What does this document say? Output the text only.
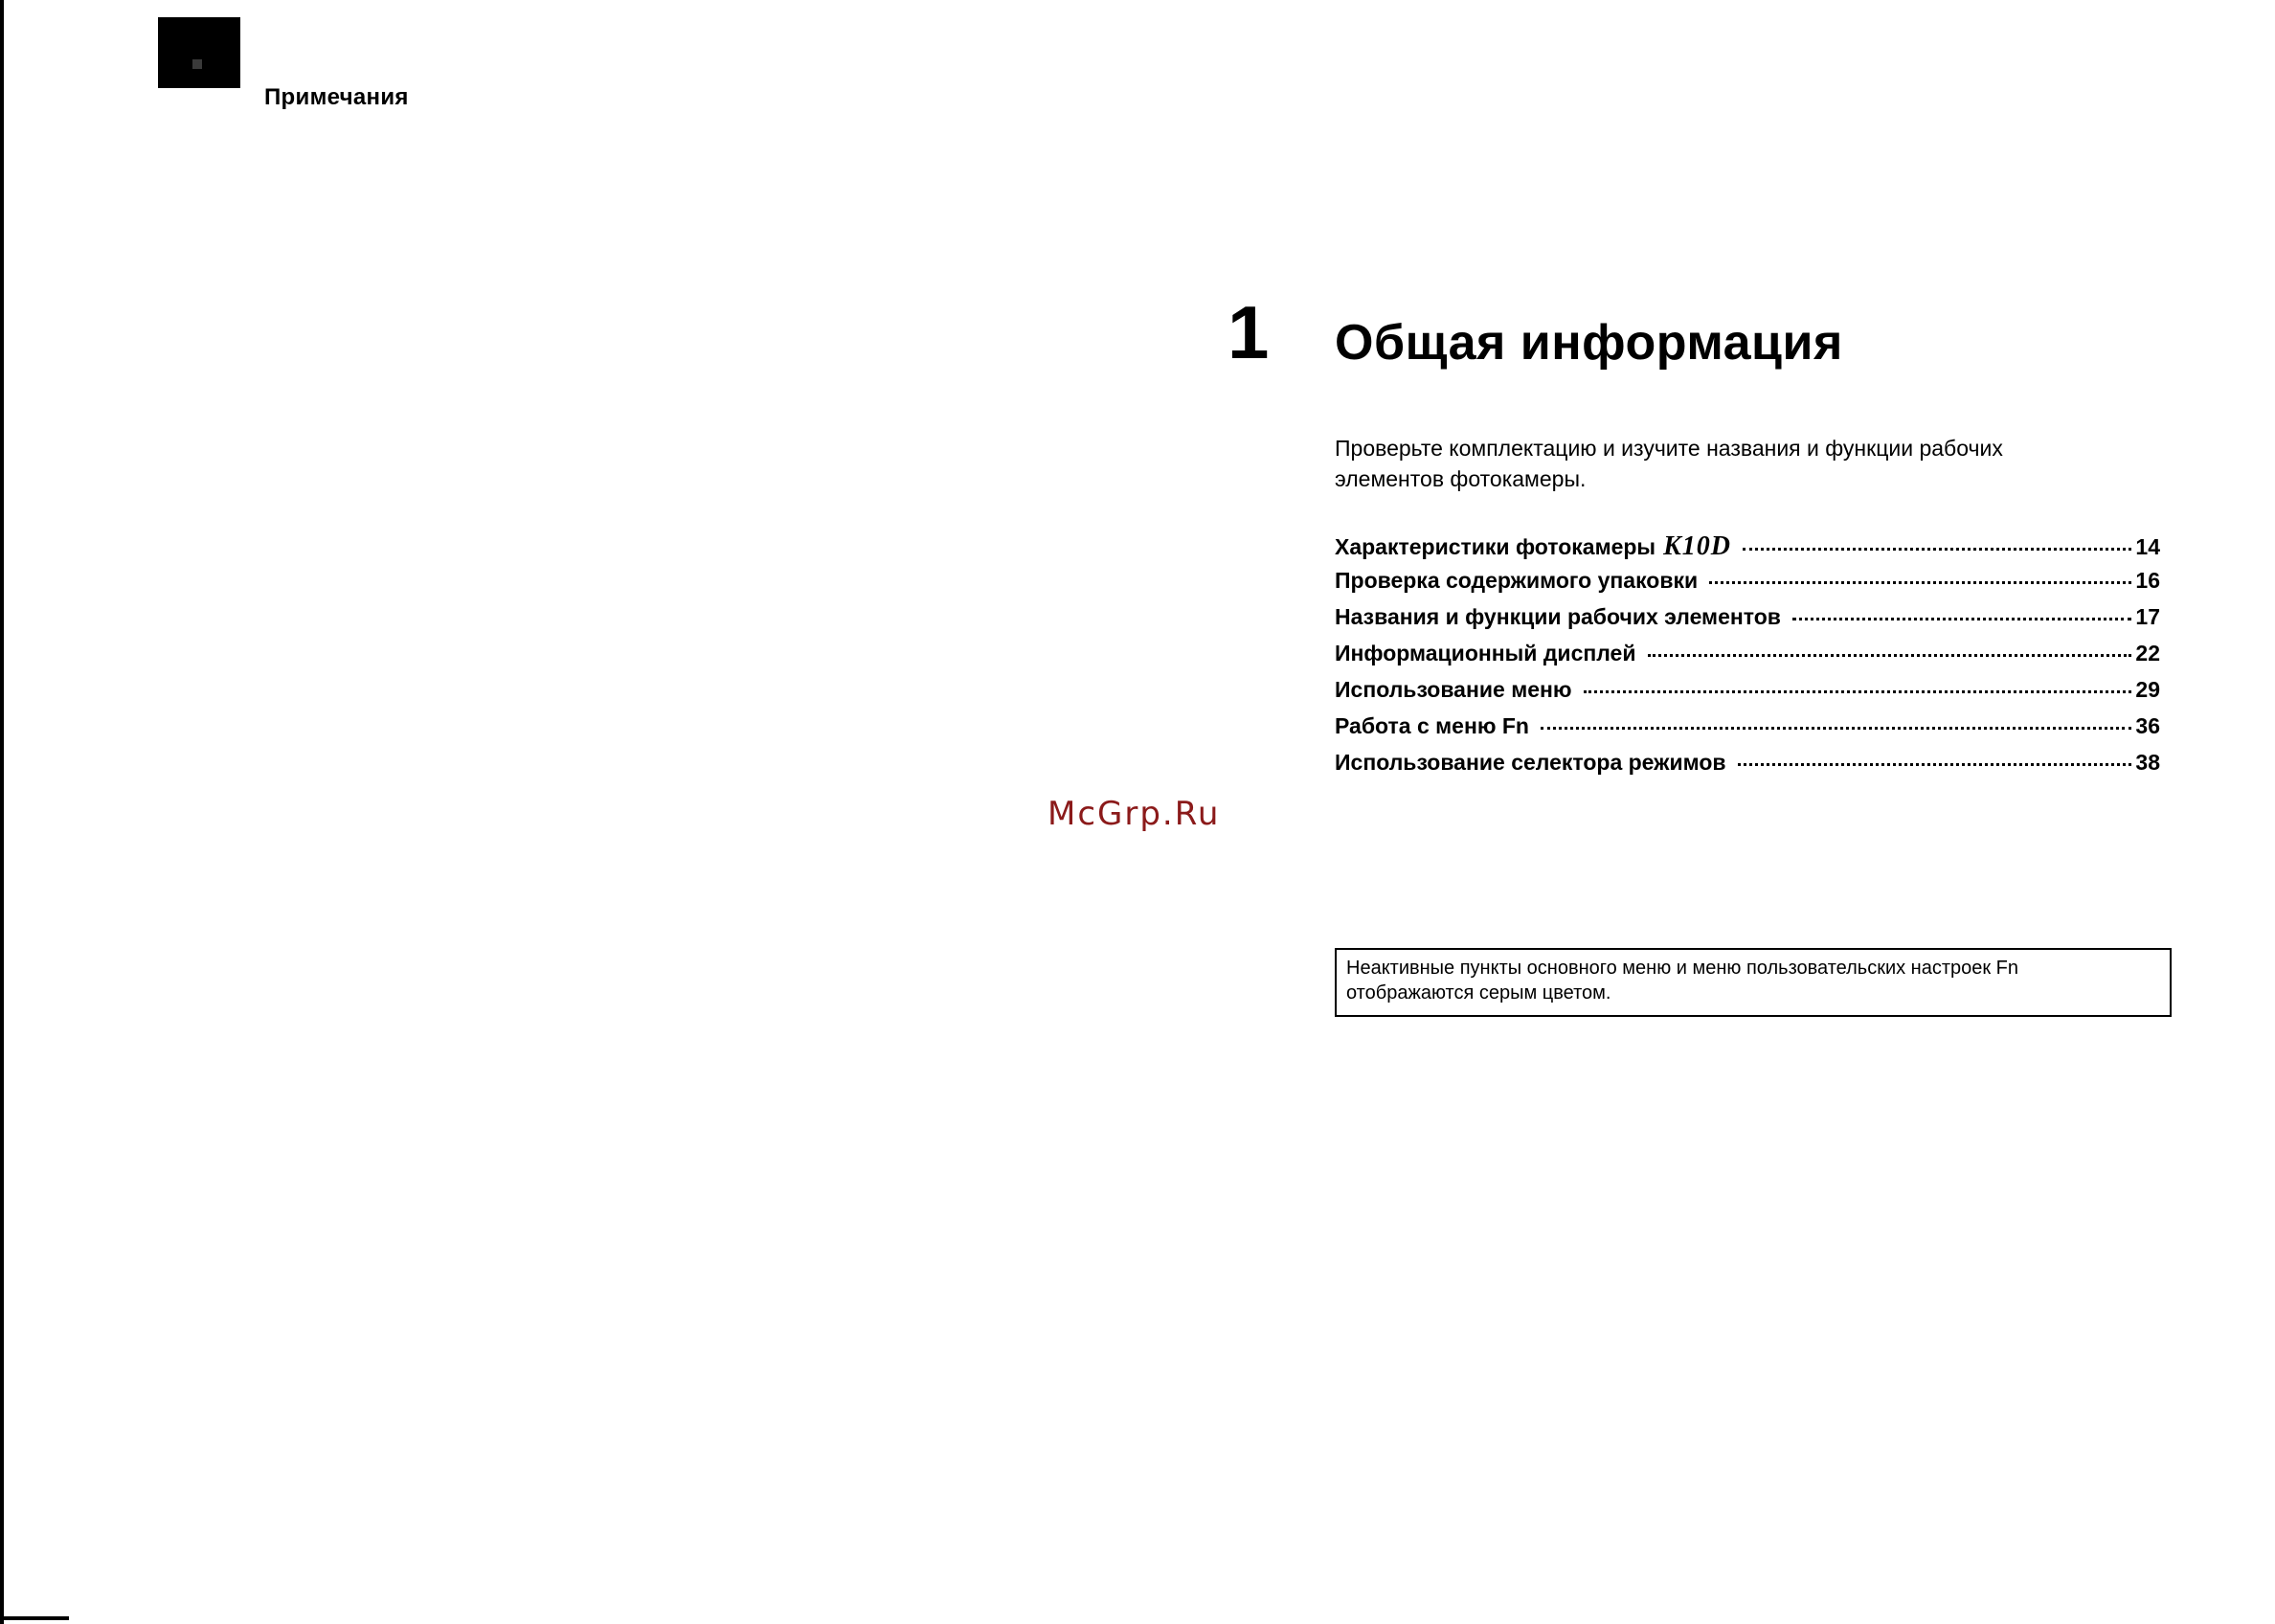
Примечания
1 Общая информация
Проверьте комплектацию и изучите названия и функции рабочих
элементов фотокамеры.
Характеристики фотокамеры K10D	14
Проверка содержимого упаковки	16
Названия и функции рабочих элементов	17
Информационный дисплей	22
Использование меню	29
Работа с меню Fn	36
Использование селектора режимов	38
McGrp.Ru
Неактивные пункты основного меню и меню пользовательских настроек Fn
отображаются серым цветом.
